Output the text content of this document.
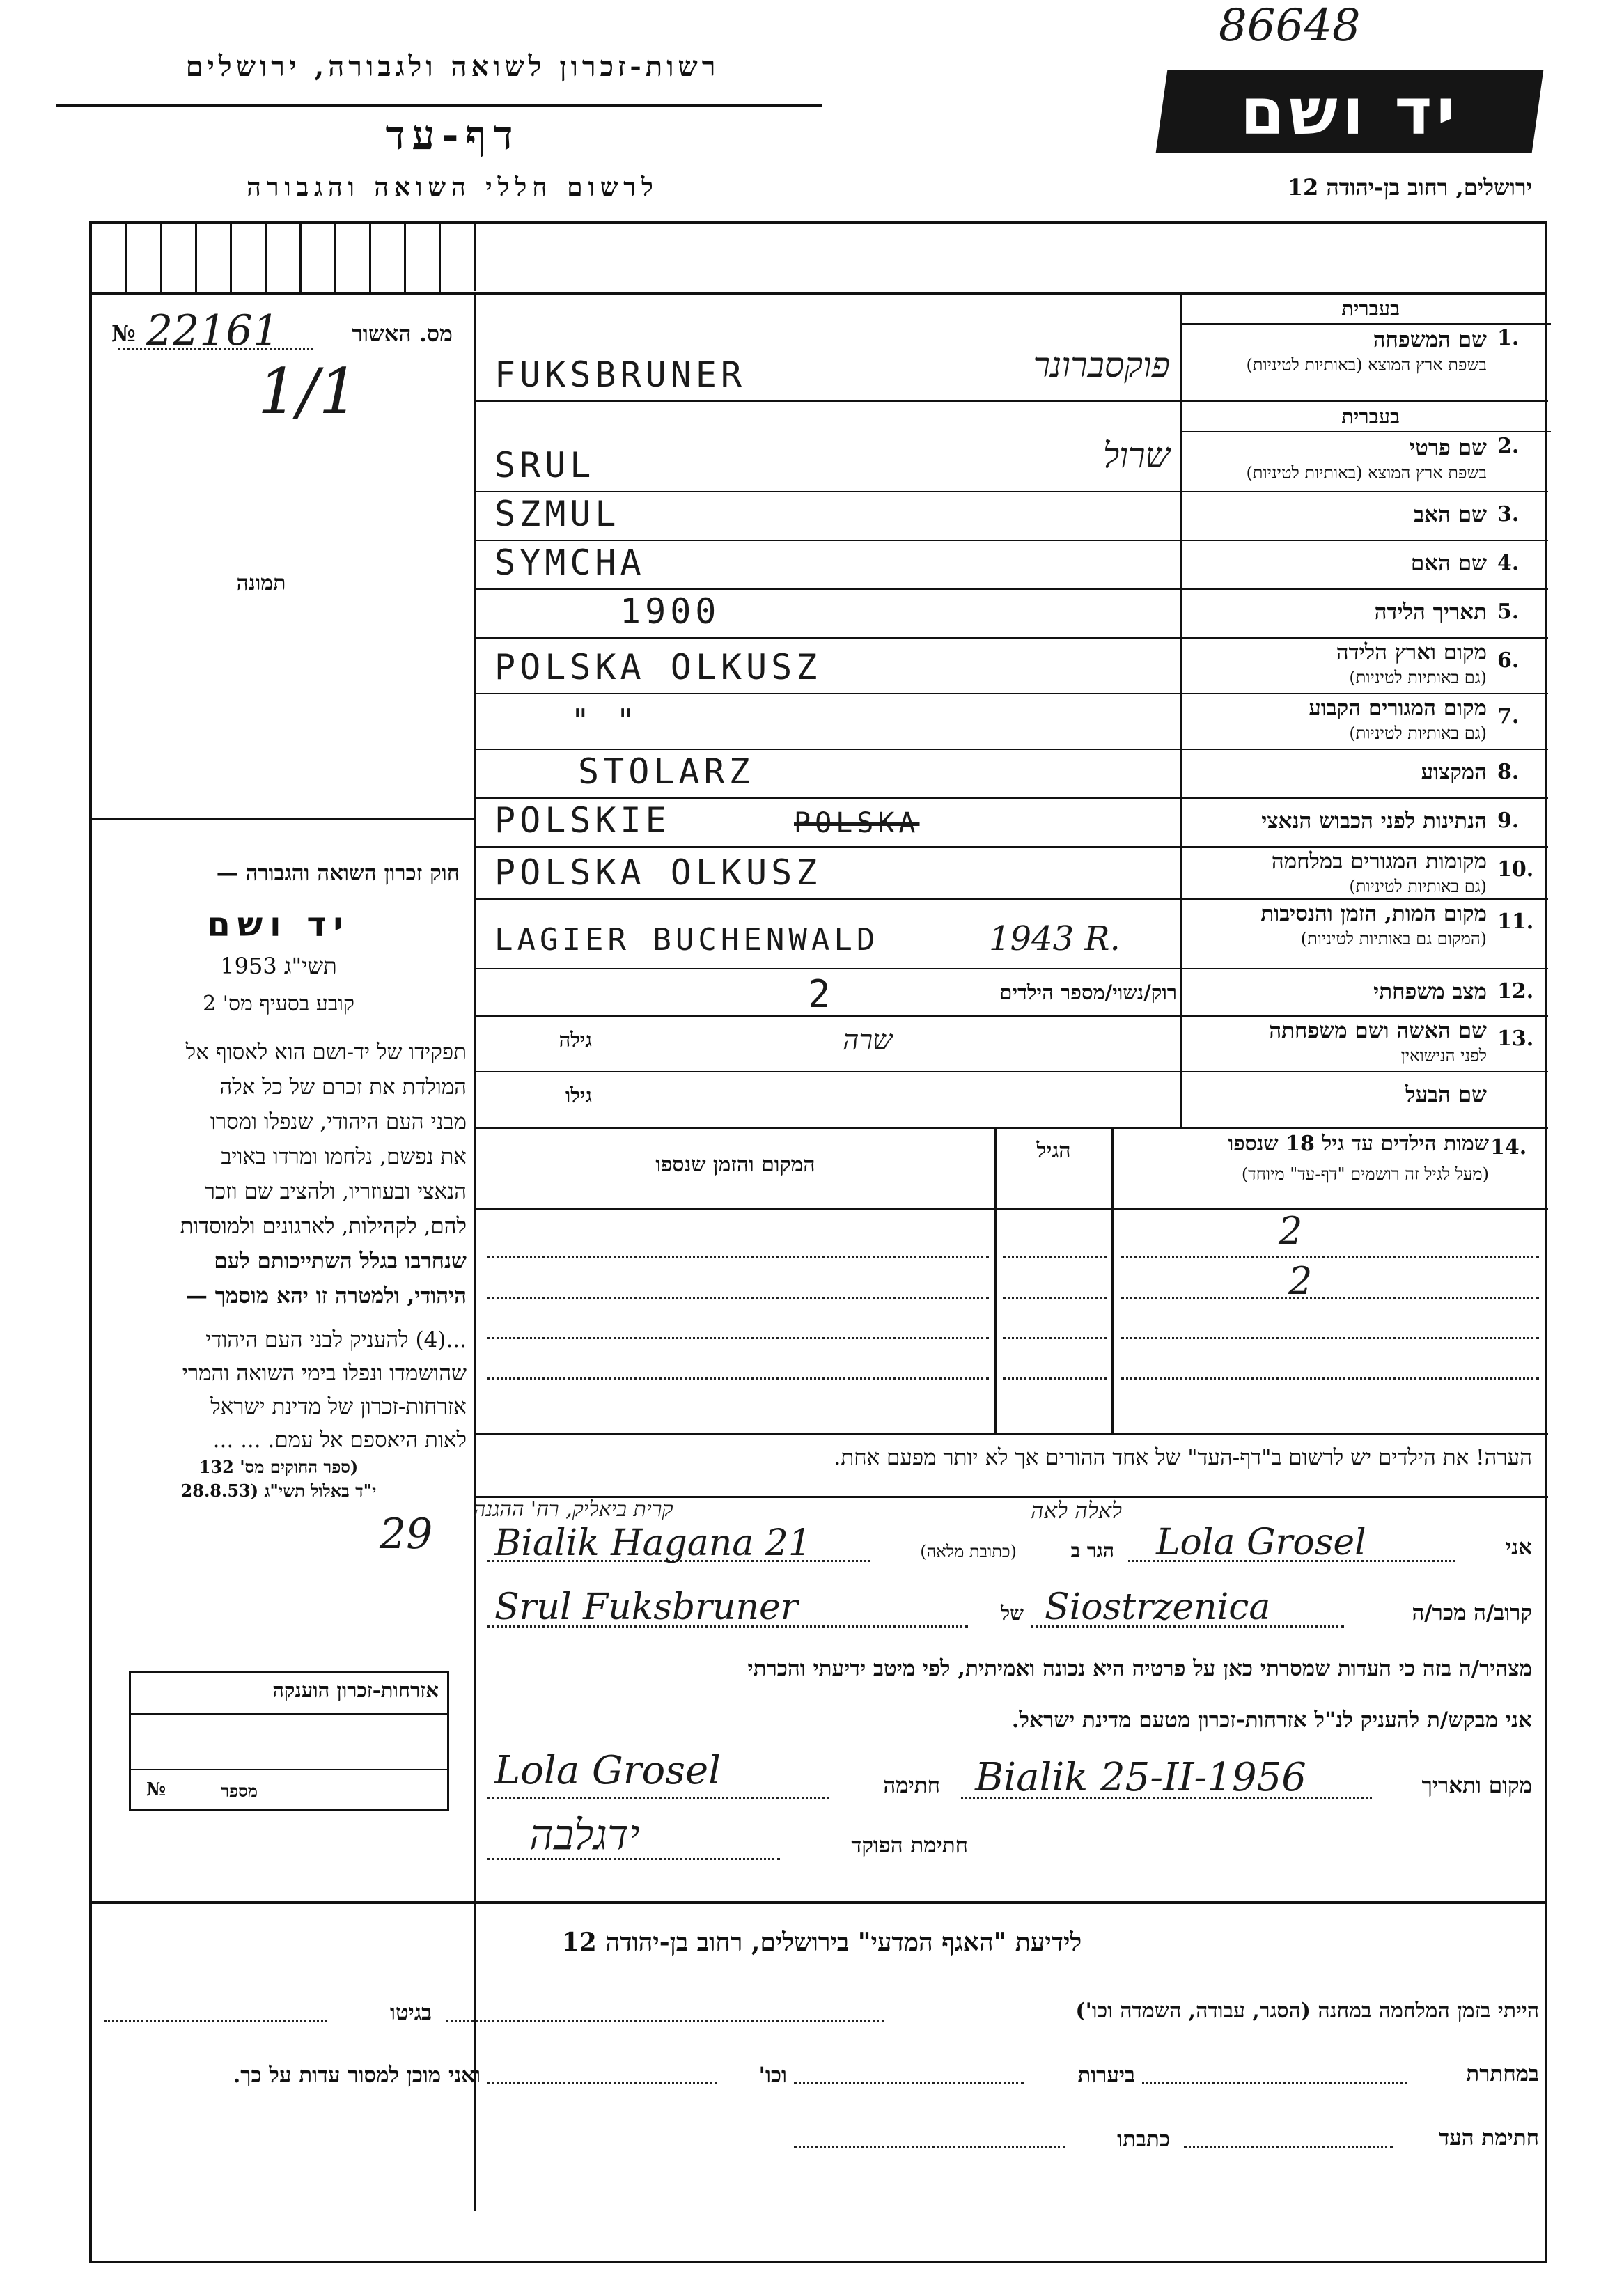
86648
רשות-זכרון לשואה ולגבורה, ירושלים
דף-עד
לרשום חללי השואה והגבורה
יד ושם
ירושלים, רחוב בן-יהודה 12
מס. האשור
№ 22161
1/1
תמונה
חוק זכרון השואה והגבורה —
יד ושם
תשי"ג 1953
קובע בסעיף מס' 2
תפקידו של יד-ושם הוא לאסוף אל
המולדת את זכרם של כל אלה
מבני העם היהודי, שנפלו ומסרו
את נפשם, נלחמו ומרדו באויב
הנאצי ובעוזריו, ולהציב שם וזכר
להם, לקהילות, לארגונים ולמוסדות
שנחרבו בגלל השתייכותם לעם
היהודי, ולמטרה זו יהא מוסמך —
...(4) להעניק לבני העם היהודי
שהושמדו ונפלו בימי השואה והמרי
אזרחות-זכרון של מדינת ישראל
לאות היאספם אל עמם. ... ...
(ספר החוקים מס' 132
י"ד באלול תשי"ג (28.8.53
1.
בעברית
שם המשפחה
בשפת ארץ המוצא (באותיות לטיניות)
FUKSBRUNER	פוקסברונר
2.
בעברית
שם פרטי
בשפת ארץ המוצא (באותיות לטיניות)
SRUL	שרול
3.
שם האב
SZMUL
4.
שם האם
SYMCHA
5.
תאריך הלידה
1900
6.
מקום וארץ הלידה
(גם באותיות לטיניות)
POLSKA OLKUSZ
7.
מקום המגורים הקבוע
(גם באותיות לטיניות)
" "
8.
המקצוע
STOLARZ
9.
הנתינות לפני הכבוש הנאצי
POLSKIE	POLSKA
10.
מקומות המגורים במלחמה
(גם באותיות לטיניות)
POLSKA OLKUSZ
11.
מקום המות, הזמן והנסיבות
(המקום גם באותיות לטיניות)
LAGIER BUCHENWALD	1943 R.
12.
מצב משפחתי
רוק/נשוי/מספר הילדים
2
13.
שם האשה ושם משפחתה
לפני הנישואין
גילה	שרה
שם הבעל
גילו
14.
שמות הילדים עד גיל 18 שנספו
(מעל לגיל זה רושמים "דף-עד" מיוחד)
הגיל
המקום והזמן שנספו
2
2
הערה! את הילדים יש לרשום ב"דף-העד" של אחד ההורים אך לא יותר מפעם אחת.
29
קרית ביאליק, רח' ההגנה	לאלה לאה
אני
Lola Grosel
הגר ב
(כתובת מלאה)
Bialik Hagana 21
קרוב/ה מכר/ה
Siostrzenica
של
Srul Fuksbruner
מצהיר/ה בזה כי העדות שמסרתי כאן על פרטיה היא נכונה ואמיתית, לפי מיטב ידיעתי והכרתי
אני מבקש/ת להעניק לנ"ל אזרחות-זכרון מטעם מדינת ישראל.
מקום ותאריך
Bialik 25-II-1956
חתימה
Lola Grosel
חתימת הפוקד
ידגלבה
אזרחות-זכרון הוענקה
№	מספר
לידיעת "האגף המדעי" בירושלים, רחוב בן-יהודה 12
הייתי בזמן המלחמה במחנה (הסגר, עבודה, השמדה וכו')
בגיטו
במחתרת
ביערות
וכו'
ואני מוכן למסור עדות על כך.
חתימת העד
כתבתו
